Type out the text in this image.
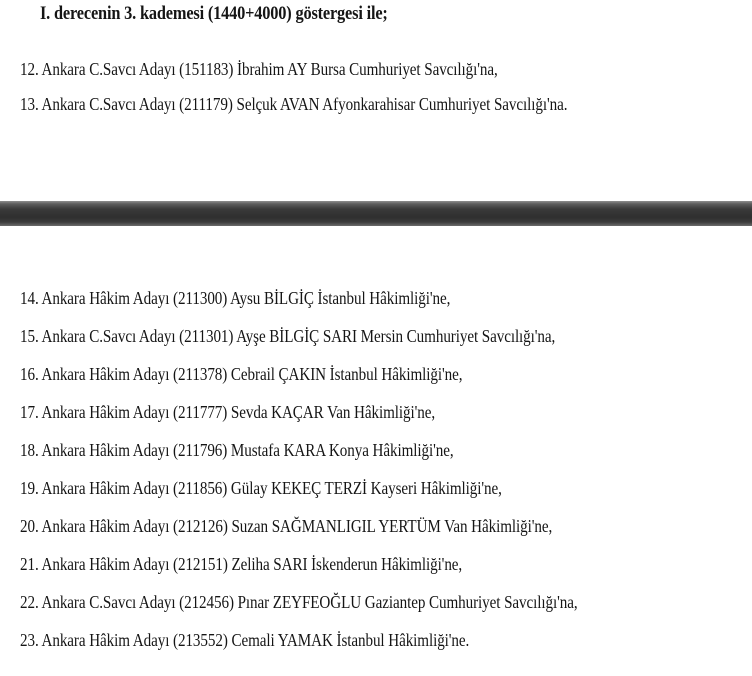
I. derecenin 3. kademesi (1440+4000) göstergesi ile;
12. Ankara C.Savcı Adayı (151183) İbrahim AY Bursa Cumhuriyet Savcılığı'na,
13. Ankara C.Savcı Adayı (211179) Selçuk AVAN Afyonkarahisar Cumhuriyet Savcılığı'na.
14. Ankara Hâkim Adayı (211300) Aysu BİLGİÇ İstanbul Hâkimliği'ne,
15. Ankara C.Savcı Adayı (211301) Ayşe BİLGİÇ SARI Mersin Cumhuriyet Savcılığı'na,
16. Ankara Hâkim Adayı (211378) Cebrail ÇAKIN İstanbul Hâkimliği'ne,
17. Ankara Hâkim Adayı (211777) Sevda KAÇAR Van Hâkimliği'ne,
18. Ankara Hâkim Adayı (211796) Mustafa KARA Konya Hâkimliği'ne,
19. Ankara Hâkim Adayı (211856) Gülay KEKEÇ TERZİ Kayseri Hâkimliği'ne,
20. Ankara Hâkim Adayı (212126) Suzan SAĞMANLIGIL YERTÜM Van Hâkimliği'ne,
21. Ankara Hâkim Adayı (212151) Zeliha SARI İskenderun Hâkimliği'ne,
22. Ankara C.Savcı Adayı (212456) Pınar ZEYFEOĞLU Gaziantep Cumhuriyet Savcılığı'na,
23. Ankara Hâkim Adayı (213552) Cemali YAMAK İstanbul Hâkimliği'ne.
